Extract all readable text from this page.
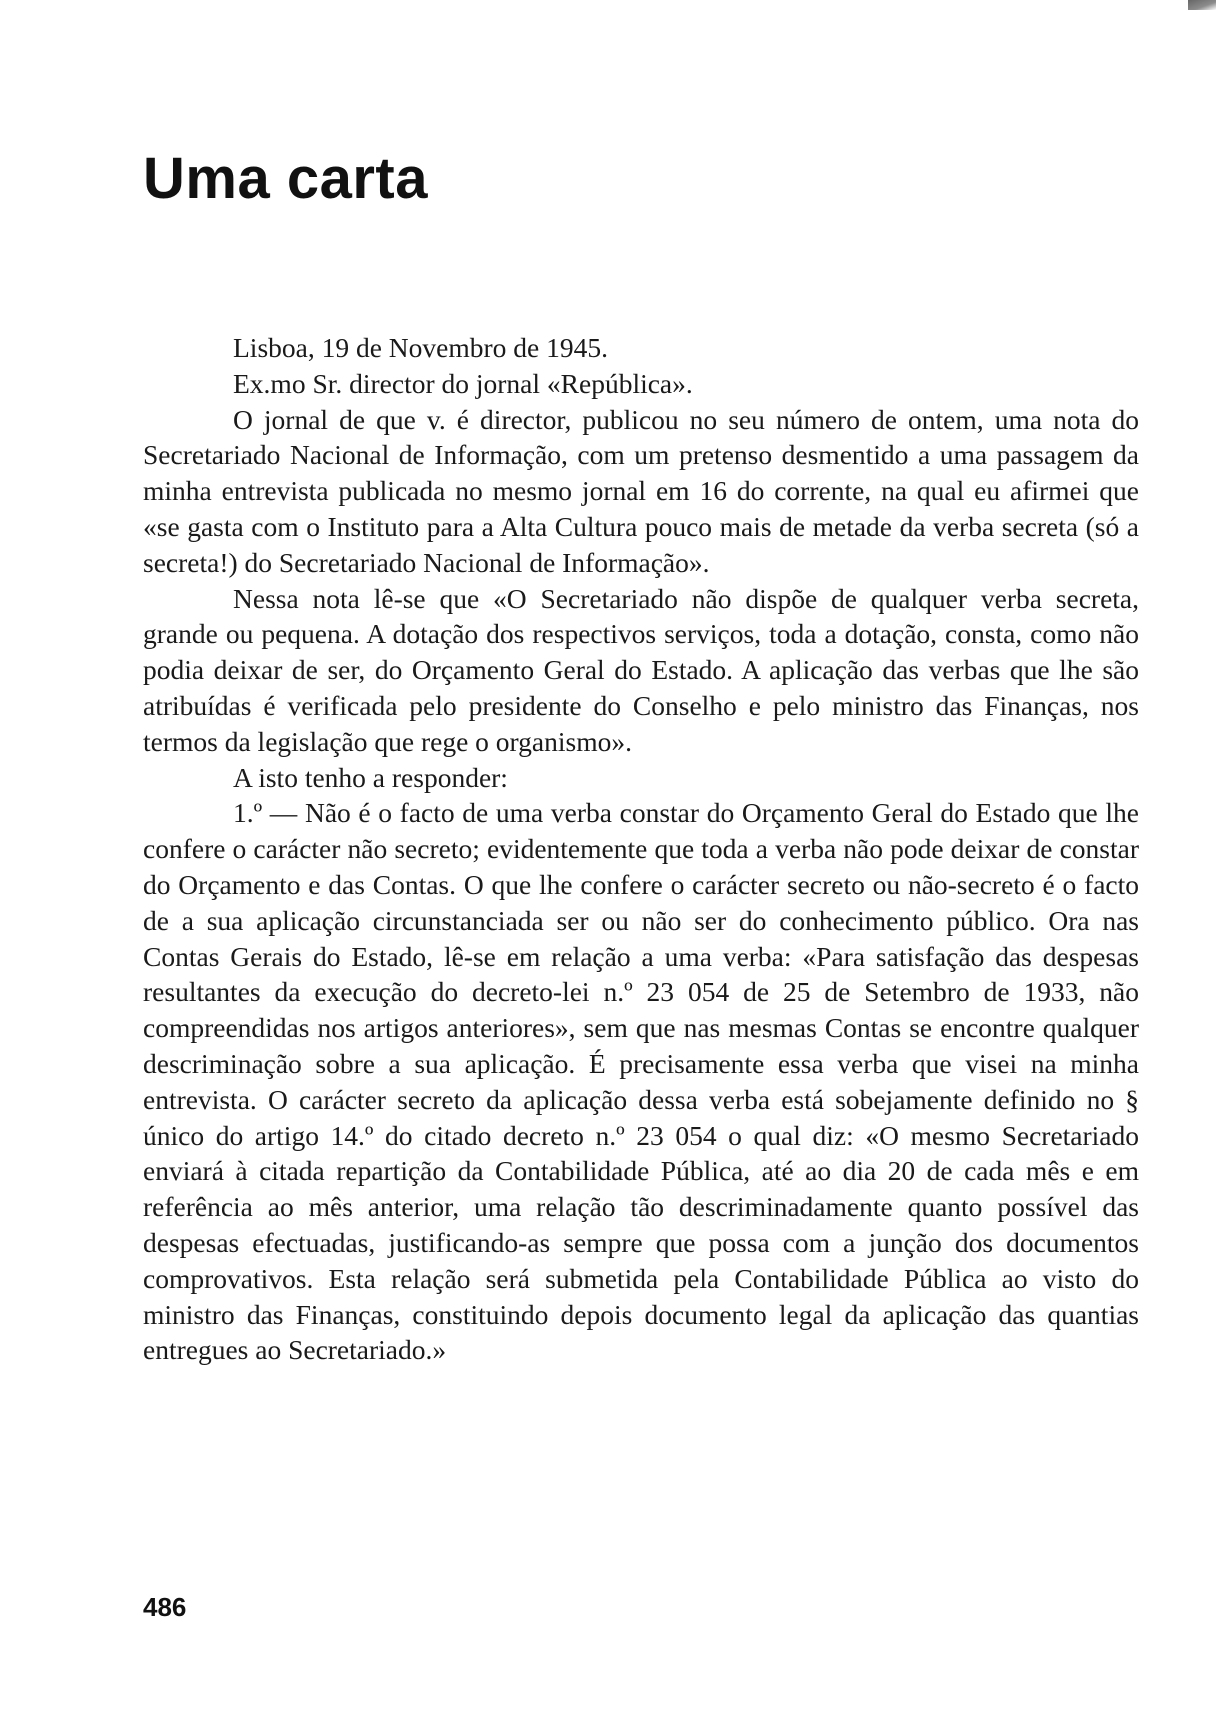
Uma carta

Lisboa, 19 de Novembro de 1945.

Ex.mo Sr. director do jornal «República».

O jornal de que v. é director, publicou no seu número de ontem, uma nota do Secretariado Nacional de Informação, com um pretenso desmentido a uma passagem da minha entrevista publicada no mesmo jornal em 16 do corrente, na qual eu afirmei que «se gasta com o Instituto para a Alta Cultura pouco mais de metade da verba secreta (só a secreta!) do Secretariado Nacional de Informação».

Nessa nota lê-se que «O Secretariado não dispõe de qualquer verba secreta, grande ou pequena. A dotação dos respectivos serviços, toda a dotação, consta, como não podia deixar de ser, do Orçamento Geral do Estado. A aplicação das verbas que lhe são atribuídas é verificada pelo presidente do Conselho e pelo ministro das Finanças, nos termos da legislação que rege o organismo».

A isto tenho a responder:

1.º — Não é o facto de uma verba constar do Orçamento Geral do Estado que lhe confere o carácter não secreto; evidentemente que toda a verba não pode deixar de constar do Orçamento e das Contas. O que lhe confere o carácter secreto ou não-secreto é o facto de a sua aplicação circunstanciada ser ou não ser do conhecimento público. Ora nas Contas Gerais do Estado, lê-se em relação a uma verba: «Para satisfação das despesas resultantes da execução do decreto-lei n.º 23 054 de 25 de Setembro de 1933, não compreendidas nos artigos anteriores», sem que nas mesmas Contas se encontre qualquer descriminação sobre a sua aplicação. É precisamente essa verba que visei na minha entrevista. O carácter secreto da aplicação dessa verba está sobejamente definido no § único do artigo 14.º do citado decreto n.º 23 054 o qual diz: «O mesmo Secretariado enviará à citada repartição da Contabilidade Pública, até ao dia 20 de cada mês e em referência ao mês anterior, uma relação tão descriminadamente quanto possível das despesas efectuadas, justificando-as sempre que possa com a junção dos documentos comprovativos. Esta relação será submetida pela Contabilidade Pública ao visto do ministro das Finanças, constituindo depois documento legal da aplicação das quantias entregues ao Secretariado.»

486
